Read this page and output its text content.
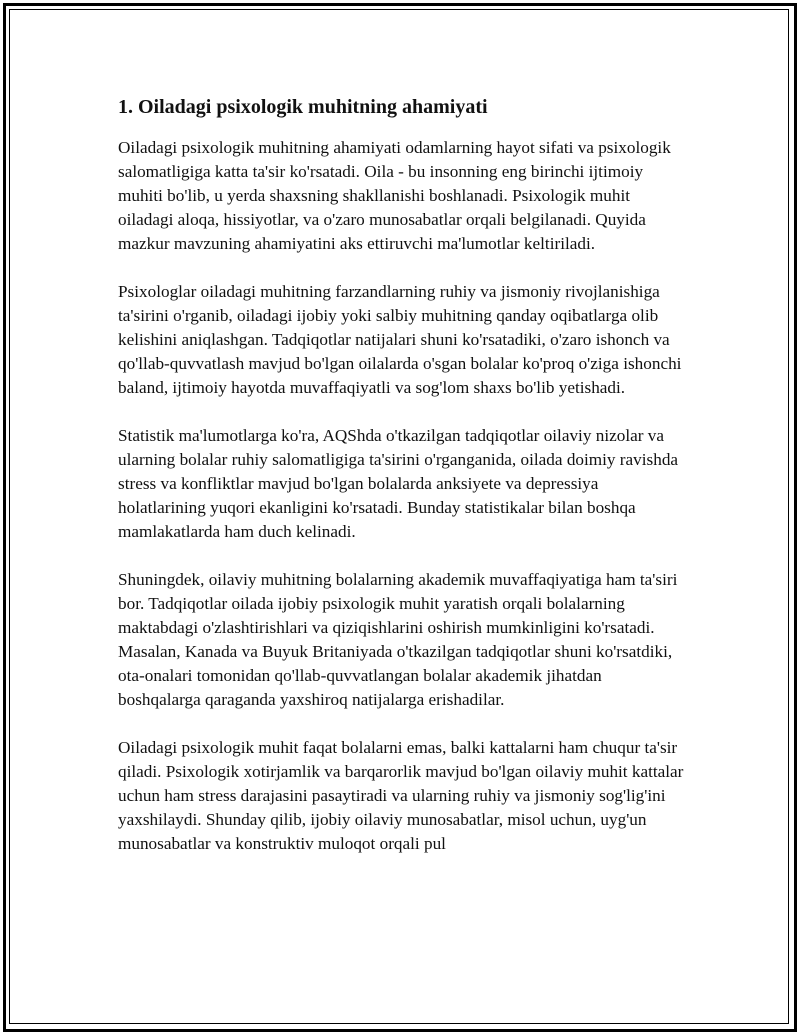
1. Oiladagi psixologik muhitning ahamiyati

Oiladagi psixologik muhitning ahamiyati odamlarning hayot sifati va psixologik salomatligiga katta ta'sir ko'rsatadi. Oila - bu insonning eng birinchi ijtimoiy muhiti bo'lib, u yerda shaxsning shakllanishi boshlanadi. Psixologik muhit oiladagi aloqa, hissiyotlar, va o'zaro munosabatlar orqali belgilanadi. Quyida mazkur mavzuning ahamiyatini aks ettiruvchi ma'lumotlar keltiriladi.

Psixologlar oiladagi muhitning farzandlarning ruhiy va jismoniy rivojlanishiga ta'sirini o'rganib, oiladagi ijobiy yoki salbiy muhitning qanday oqibatlarga olib kelishini aniqlashgan. Tadqiqotlar natijalari shuni ko'rsatadiki, o'zaro ishonch va qo'llab-quvvatlash mavjud bo'lgan oilalarda o'sgan bolalar ko'proq o'ziga ishonchi baland, ijtimoiy hayotda muvaffaqiyatli va sog'lom shaxs bo'lib yetishadi.

Statistik ma'lumotlarga ko'ra, AQShda o'tkazilgan tadqiqotlar oilaviy nizolar va ularning bolalar ruhiy salomatligiga ta'sirini o'rganganida, oilada doimiy ravishda stress va konfliktlar mavjud bo'lgan bolalarda anksiyete va depressiya holatlarining yuqori ekanligini ko'rsatadi. Bunday statistikalar bilan boshqa mamlakatlarda ham duch kelinadi.

Shuningdek, oilaviy muhitning bolalarning akademik muvaffaqiyatiga ham ta'siri bor. Tadqiqotlar oilada ijobiy psixologik muhit yaratish orqali bolalarning maktabdagi o'zlashtirishlari va qiziqishlarini oshirish mumkinligini ko'rsatadi. Masalan, Kanada va Buyuk Britaniyada o'tkazilgan tadqiqotlar shuni ko'rsatdiki, ota-onalari tomonidan qo'llab-quvvatlangan bolalar akademik jihatdan boshqalarga qaraganda yaxshiroq natijalarga erishadilar.

Oiladagi psixologik muhit faqat bolalarni emas, balki kattalarni ham chuqur ta'sir qiladi. Psixologik xotirjamlik va barqarorlik mavjud bo'lgan oilaviy muhit kattalar uchun ham stress darajasini pasaytiradi va ularning ruhiy va jismoniy sog'lig'ini yaxshilaydi. Shunday qilib, ijobiy oilaviy munosabatlar, misol uchun, uyg'un munosabatlar va konstruktiv muloqot orqali pul
